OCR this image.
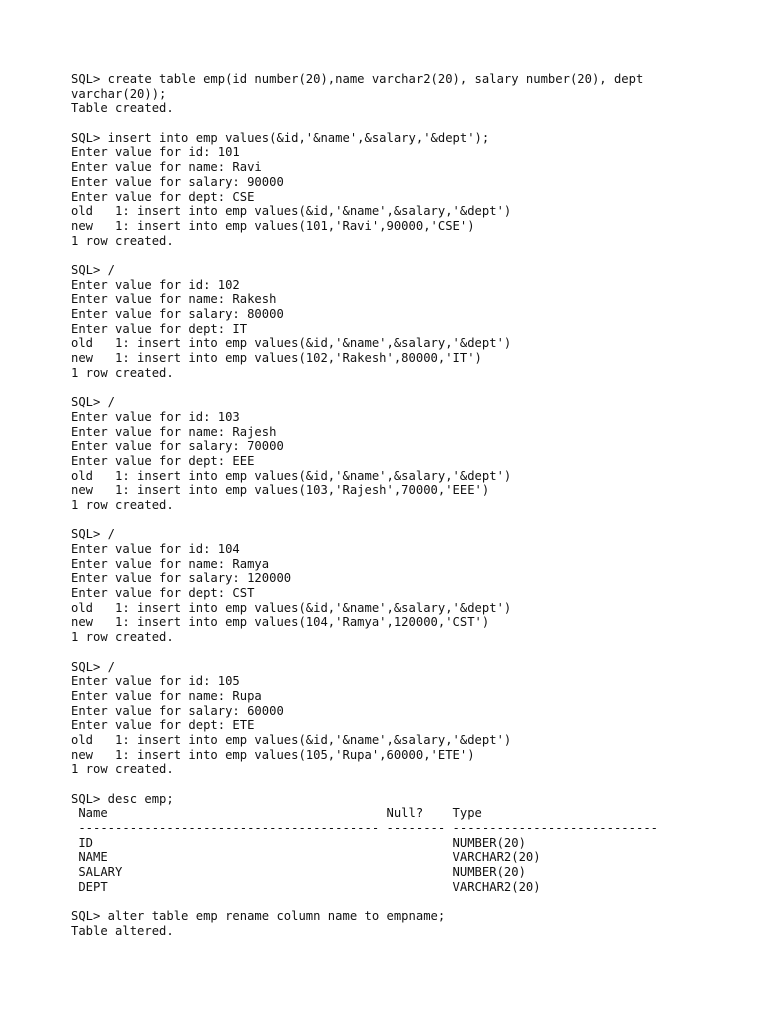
SQL> create table emp(id number(20),name varchar2(20), salary number(20), dept
varchar(20));
Table created.
SQL> insert into emp values(&id,'&name',&salary,'&dept');
Enter value for id: 101
Enter value for name: Ravi
Enter value for salary: 90000
Enter value for dept: CSE
old   1: insert into emp values(&id,'&name',&salary,'&dept')
new   1: insert into emp values(101,'Ravi',90000,'CSE')
1 row created.
SQL> /
Enter value for id: 102
Enter value for name: Rakesh
Enter value for salary: 80000
Enter value for dept: IT
old   1: insert into emp values(&id,'&name',&salary,'&dept')
new   1: insert into emp values(102,'Rakesh',80000,'IT')
1 row created.
SQL> /
Enter value for id: 103
Enter value for name: Rajesh
Enter value for salary: 70000
Enter value for dept: EEE
old   1: insert into emp values(&id,'&name',&salary,'&dept')
new   1: insert into emp values(103,'Rajesh',70000,'EEE')
1 row created.
SQL> /
Enter value for id: 104
Enter value for name: Ramya
Enter value for salary: 120000
Enter value for dept: CST
old   1: insert into emp values(&id,'&name',&salary,'&dept')
new   1: insert into emp values(104,'Ramya',120000,'CST')
1 row created.
SQL> /
Enter value for id: 105
Enter value for name: Rupa
Enter value for salary: 60000
Enter value for dept: ETE
old   1: insert into emp values(&id,'&name',&salary,'&dept')
new   1: insert into emp values(105,'Rupa',60000,'ETE')
1 row created.
SQL> desc emp;
Name                                      Null?    Type
----------------------------------------- -------- ----------------------------
ID                                                 NUMBER(20)
NAME                                               VARCHAR2(20)
SALARY                                             NUMBER(20)
DEPT                                               VARCHAR2(20)
SQL> alter table emp rename column name to empname;
Table altered.
